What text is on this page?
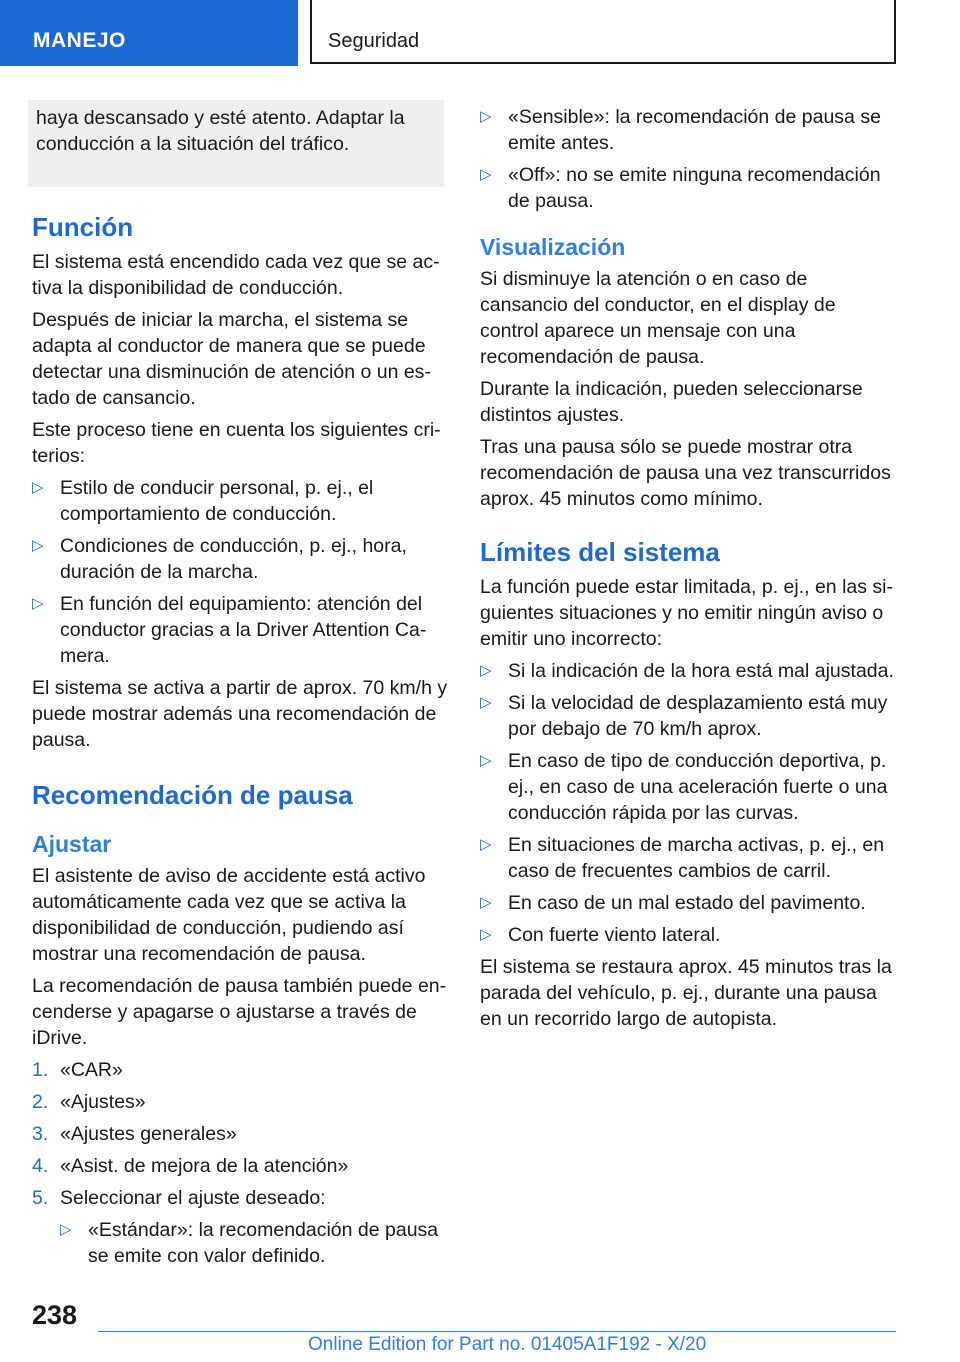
MANEJO	Seguridad

haya descansado y esté atento. Adaptar la conducción a la situación del tráfico.

Función

El sistema está encendido cada vez que se activa la disponibilidad de conducción.

Después de iniciar la marcha, el sistema se adapta al conductor de manera que se puede detectar una disminución de atención o un estado de cansancio.

Este proceso tiene en cuenta los siguientes criterios:

▷ Estilo de conducir personal, p. ej., el comportamiento de conducción.
▷ Condiciones de conducción, p. ej., hora, duración de la marcha.
▷ En función del equipamiento: atención del conductor gracias a la Driver Attention Camera.

El sistema se activa a partir de aprox. 70 km/h y puede mostrar además una recomendación de pausa.

Recomendación de pausa
Ajustar

El asistente de aviso de accidente está activo automáticamente cada vez que se activa la disponibilidad de conducción, pudiendo así mostrar una recomendación de pausa.

La recomendación de pausa también puede encenderse y apagarse o ajustarse a través de iDrive.

1. «CAR»
2. «Ajustes»
3. «Ajustes generales»
4. «Asist. de mejora de la atención»
5. Seleccionar el ajuste deseado:
▷ «Estándar»: la recomendación de pausa se emite con valor definido.
▷ «Sensible»: la recomendación de pausa se emite antes.
▷ «Off»: no se emite ninguna recomendación de pausa.
Visualización

Si disminuye la atención o en caso de cansancio del conductor, en el display de control aparece un mensaje con una recomendación de pausa.

Durante la indicación, pueden seleccionarse distintos ajustes.

Tras una pausa sólo se puede mostrar otra recomendación de pausa una vez transcurridos aprox. 45 minutos como mínimo.

Límites del sistema

La función puede estar limitada, p. ej., en las siguientes situaciones y no emitir ningún aviso o emitir uno incorrecto:

▷ Si la indicación de la hora está mal ajustada.
▷ Si la velocidad de desplazamiento está muy por debajo de 70 km/h aprox.
▷ En caso de tipo de conducción deportiva, p. ej., en caso de una aceleración fuerte o una conducción rápida por las curvas.
▷ En situaciones de marcha activas, p. ej., en caso de frecuentes cambios de carril.
▷ En caso de un mal estado del pavimento.
▷ Con fuerte viento lateral.

El sistema se restaura aprox. 45 minutos tras la parada del vehículo, p. ej., durante una pausa en un recorrido largo de autopista.

238
Online Edition for Part no. 01405A1F192 - X/20
